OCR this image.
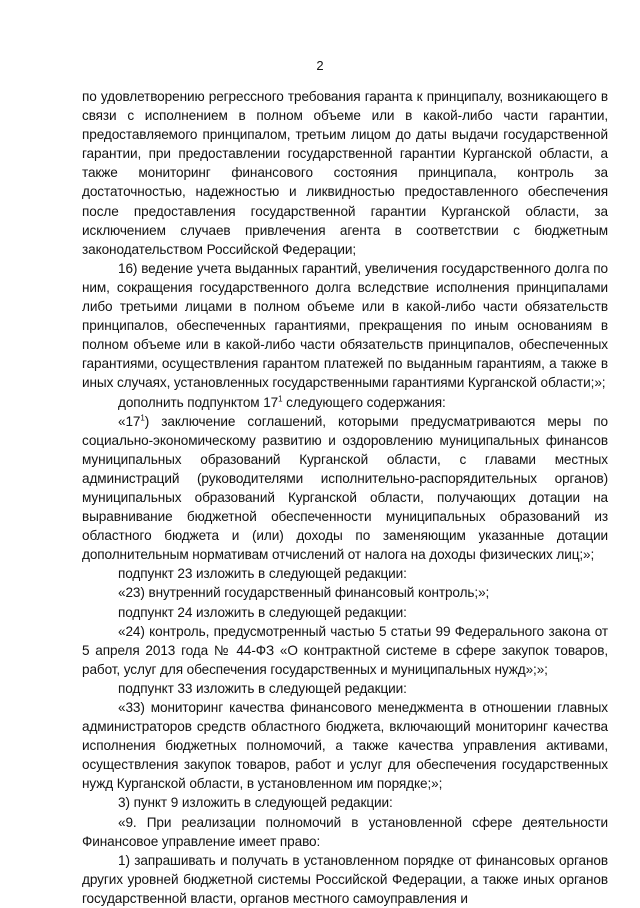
2

по удовлетворению регрессного требования гаранта к принципалу, возникающего в связи с исполнением в полном объеме или в какой-либо части гарантии, предоставляемого принципалом, третьим лицом до даты выдачи государственной гарантии, при предоставлении государственной гарантии Курганской области, а также мониторинг финансового состояния принципала, контроль за достаточностью, надежностью и ликвидностью предоставленного обеспечения после предоставления государственной гарантии Курганской области, за исключением случаев привлечения агента в соответствии с бюджетным законодательством Российской Федерации;

16) ведение учета выданных гарантий, увеличения государственного долга по ним, сокращения государственного долга вследствие исполнения принципалами либо третьими лицами в полном объеме или в какой-либо части обязательств принципалов, обеспеченных гарантиями, прекращения по иным основаниям в полном объеме или в какой-либо части обязательств принципалов, обеспеченных гарантиями, осуществления гарантом платежей по выданным гарантиям, а также в иных случаях, установленных государственными гарантиями Курганской области;»;

дополнить подпунктом $17^1$ следующего содержания:

«$17^1$) заключение соглашений, которыми предусматриваются меры по социально-экономическому развитию и оздоровлению муниципальных финансов муниципальных образований Курганской области, с главами местных администраций (руководителями исполнительно-распорядительных органов) муниципальных образований Курганской области, получающих дотации на выравнивание бюджетной обеспеченности муниципальных образований из областного бюджета и (или) доходы по заменяющим указанные дотации дополнительным нормативам отчислений от налога на доходы физических лиц;»;

подпункт 23 изложить в следующей редакции:

«23) внутренний государственный финансовый контроль;»;

подпункт 24 изложить в следующей редакции:

«24) контроль, предусмотренный частью 5 статьи 99 Федерального закона от 5 апреля 2013 года № 44-ФЗ «О контрактной системе в сфере закупок товаров, работ, услуг для обеспечения государственных и муниципальных нужд»;»;

подпункт 33 изложить в следующей редакции:

«33) мониторинг качества финансового менеджмента в отношении главных администраторов средств областного бюджета, включающий мониторинг качества исполнения бюджетных полномочий, а также качества управления активами, осуществления закупок товаров, работ и услуг для обеспечения государственных нужд Курганской области, в установленном им порядке;»;

3) пункт 9 изложить в следующей редакции:

«9. При реализации полномочий в установленной сфере деятельности Финансовое управление имеет право:

1) запрашивать и получать в установленном порядке от финансовых органов других уровней бюджетной системы Российской Федерации, а также иных органов государственной власти, органов местного самоуправления и
